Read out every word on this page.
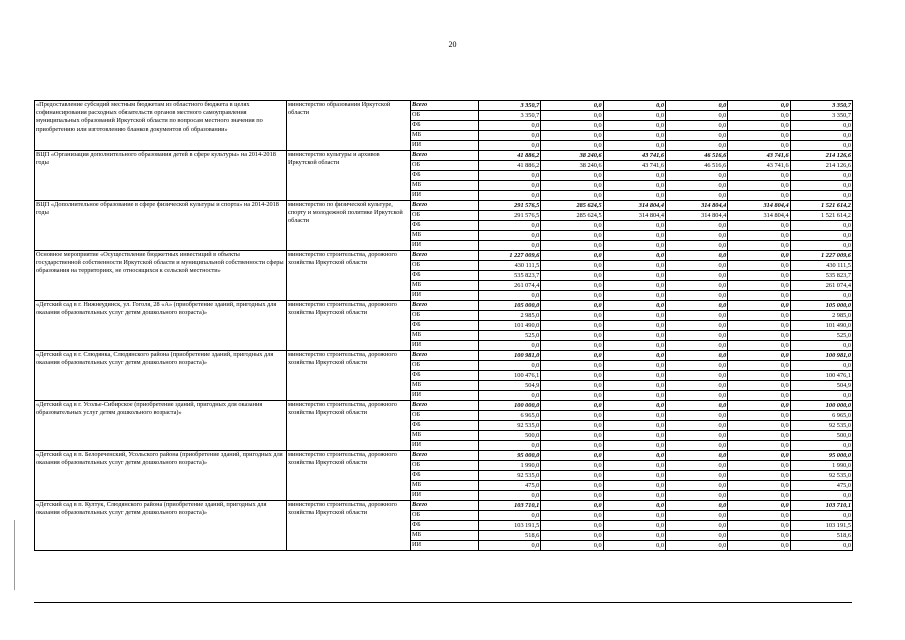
20
«Предоставление субсидий местным бюджетам из областного бюджета в целях софинансирования расходных обязательств органов местного самоуправления муниципальных образований Иркутской области по вопросам местного значения по приобретению или изготовлению бланков документов об образовании»	министерство образования Иркутской области	Всего	3 350,7	0,0	0,0	0,0	0,0	3 350,7
		ОБ	3 350,7	0,0	0,0	0,0	0,0	3 350,7
		ФБ	0,0	0,0	0,0	0,0	0,0	0,0
		МБ	0,0	0,0	0,0	0,0	0,0	0,0
		ИИ	0,0	0,0	0,0	0,0	0,0	0,0
ВЦП «Организация дополнительного образования детей в сфере культуры» на 2014-2018 годы	министерство культуры и архивов Иркутской области	Всего	41 886,2	38 240,6	43 741,6	46 516,6	43 741,6	214 126,6
		ОБ	41 886,2	38 240,6	43 741,6	46 516,6	43 741,6	214 126,6
		ФБ	0,0	0,0	0,0	0,0	0,0	0,0
		МБ	0,0	0,0	0,0	0,0	0,0	0,0
		ИИ	0,0	0,0	0,0	0,0	0,0	0,0
ВЦП «Дополнительное образование в сфере физической культуры и спорта» на 2014-2018 годы	министерство по физической культуре, спорту и молодежной политике Иркутской области	Всего	291 576,5	285 624,5	314 804,4	314 804,4	314 804,4	1 521 614,2
		ОБ	291 576,5	285 624,5	314 804,4	314 804,4	314 804,4	1 521 614,2
		ФБ	0,0	0,0	0,0	0,0	0,0	0,0
		МБ	0,0	0,0	0,0	0,0	0,0	0,0
		ИИ	0,0	0,0	0,0	0,0	0,0	0,0
Основное мероприятие «Осуществление бюджетных инвестиций в объекты государственной собственности Иркутской области и муниципальной собственности сферы образования на территориях, не относящихся к сельской местности»	министерство строительства, дорожного хозяйства Иркутской области	Всего	1 227 009,6	0,0	0,0	0,0	0,0	1 227 009,6
		ОБ	430 111,5	0,0	0,0	0,0	0,0	430 111,5
		ФБ	535 823,7	0,0	0,0	0,0	0,0	535 823,7
		МБ	261 074,4	0,0	0,0	0,0	0,0	261 074,4
		ИИ	0,0	0,0	0,0	0,0	0,0	0,0
«Детский сад в г. Нижнеудинск, ул. Гоголя, 28 «А» (приобретение зданий, пригодных для оказания образовательных услуг детям дошкольного возраста)»	министерство строительства, дорожного хозяйства Иркутской области	Всего	105 000,0	0,0	0,0	0,0	0,0	105 000,0
		ОБ	2 985,0	0,0	0,0	0,0	0,0	2 985,0
		ФБ	101 490,0	0,0	0,0	0,0	0,0	101 490,0
		МБ	525,0	0,0	0,0	0,0	0,0	525,0
		ИИ	0,0	0,0	0,0	0,0	0,0	0,0
«Детский сад в г. Слюдянка, Слюдянского района (приобретение зданий, пригодных для оказания образовательных услуг детям дошкольного возраста)»	министерство строительства, дорожного хозяйства Иркутской области	Всего	100 981,0	0,0	0,0	0,0	0,0	100 981,0
		ОБ	0,0	0,0	0,0	0,0	0,0	0,0
		ФБ	100 476,1	0,0	0,0	0,0	0,0	100 476,1
		МБ	504,9	0,0	0,0	0,0	0,0	504,9
		ИИ	0,0	0,0	0,0	0,0	0,0	0,0
«Детский сад в г. Усолье-Сибирское (приобретение зданий, пригодных для оказания образовательных услуг детям дошкольного возраста)»	министерство строительства, дорожного хозяйства Иркутской области	Всего	100 000,0	0,0	0,0	0,0	0,0	100 000,0
		ОБ	6 965,0	0,0	0,0	0,0	0,0	6 965,0
		ФБ	92 535,0	0,0	0,0	0,0	0,0	92 535,0
		МБ	500,0	0,0	0,0	0,0	0,0	500,0
		ИИ	0,0	0,0	0,0	0,0	0,0	0,0
«Детский сад в п. Белореченский, Усольского района (приобретение зданий, пригодных для оказания образовательных услуг детям дошкольного возраста)»	министерство строительства, дорожного хозяйства Иркутской области	Всего	95 000,0	0,0	0,0	0,0	0,0	95 000,0
		ОБ	1 990,0	0,0	0,0	0,0	0,0	1 990,0
		ФБ	92 535,0	0,0	0,0	0,0	0,0	92 535,0
		МБ	475,0	0,0	0,0	0,0	0,0	475,0
		ИИ	0,0	0,0	0,0	0,0	0,0	0,0
«Детский сад в п. Култук, Слюдянского района (приобретение зданий, пригодных для оказания образовательных услуг детям дошкольного возраста)»	министерство строительства, дорожного хозяйства Иркутской области	Всего	103 710,1	0,0	0,0	0,0	0,0	103 710,1
		ОБ	0,0	0,0	0,0	0,0	0,0	0,0
		ФБ	103 191,5	0,0	0,0	0,0	0,0	103 191,5
		МБ	518,6	0,0	0,0	0,0	0,0	518,6
		ИИ	0,0	0,0	0,0	0,0	0,0	0,0
